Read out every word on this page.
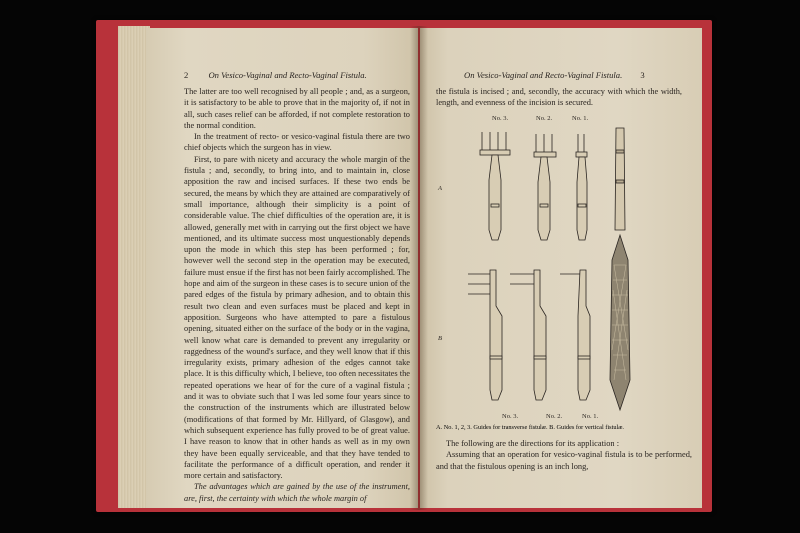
2 On Vesico-Vaginal and Recto-Vaginal Fistula.

The latter are too well recognised by all people ; and, as a surgeon, it is satisfactory to be able to prove that in the majority of, if not in all, such cases relief can be afforded, if not complete restoration to the normal condition.

In the treatment of recto- or vesico-vaginal fistula there are two chief objects which the surgeon has in view.

First, to pare with nicety and accuracy the whole margin of the fistula ; and, secondly, to bring into, and to maintain in, close apposition the raw and incised surfaces. If these two ends be secured, the means by which they are attained are comparatively of small importance, although their simplicity is a point of considerable value. The chief difficulties of the operation are, it is allowed, generally met with in carrying out the first object we have mentioned, and its ultimate success most unquestionably depends upon the mode in which this step has been performed ; for, however well the second step in the operation may be executed, failure must ensue if the first has not been fairly accomplished. The hope and aim of the surgeon in these cases is to secure union of the pared edges of the fistula by primary adhesion, and to obtain this result two clean and even surfaces must be placed and kept in apposition. Surgeons who have attempted to pare a fistulous opening, situated either on the surface of the body or in the vagina, well know what care is demanded to prevent any irregularity or raggedness of the wound's surface, and they well know that if this irregularity exists, primary adhesion of the edges cannot take place. It is this difficulty which, I believe, too often necessitates the repeated operations we hear of for the cure of a vaginal fistula ; and it was to obviate such that I was led some four years since to the construction of the instruments which are illustrated below (modifications of that formed by Mr. Hillyard, of Glasgow), and which subsequent experience has fully proved to be of great value. I have reason to know that in other hands as well as in my own they have been equally serviceable, and that they have tended to facilitate the performance of a difficult operation, and render it more certain and satisfactory.

The advantages which are gained by the use of the instrument, are, first, the certainty with which the whole margin of

On Vesico-Vaginal and Recto-Vaginal Fistula. 3

the fistula is incised ; and, secondly, the accuracy with which the width, length, and evenness of the incision is secured.

The following are the directions for its application :

Assuming that an operation for vesico-vaginal fistula is to be performed, and that the fistulous opening is an inch long,

No. 3.	No. 2.	No. 1.
A
B
No. 3.	No. 2.	No. 1.
A. No. 1, 2, 3. Guides for transverse fistulæ. B. Guides for vertical fistulæ.
